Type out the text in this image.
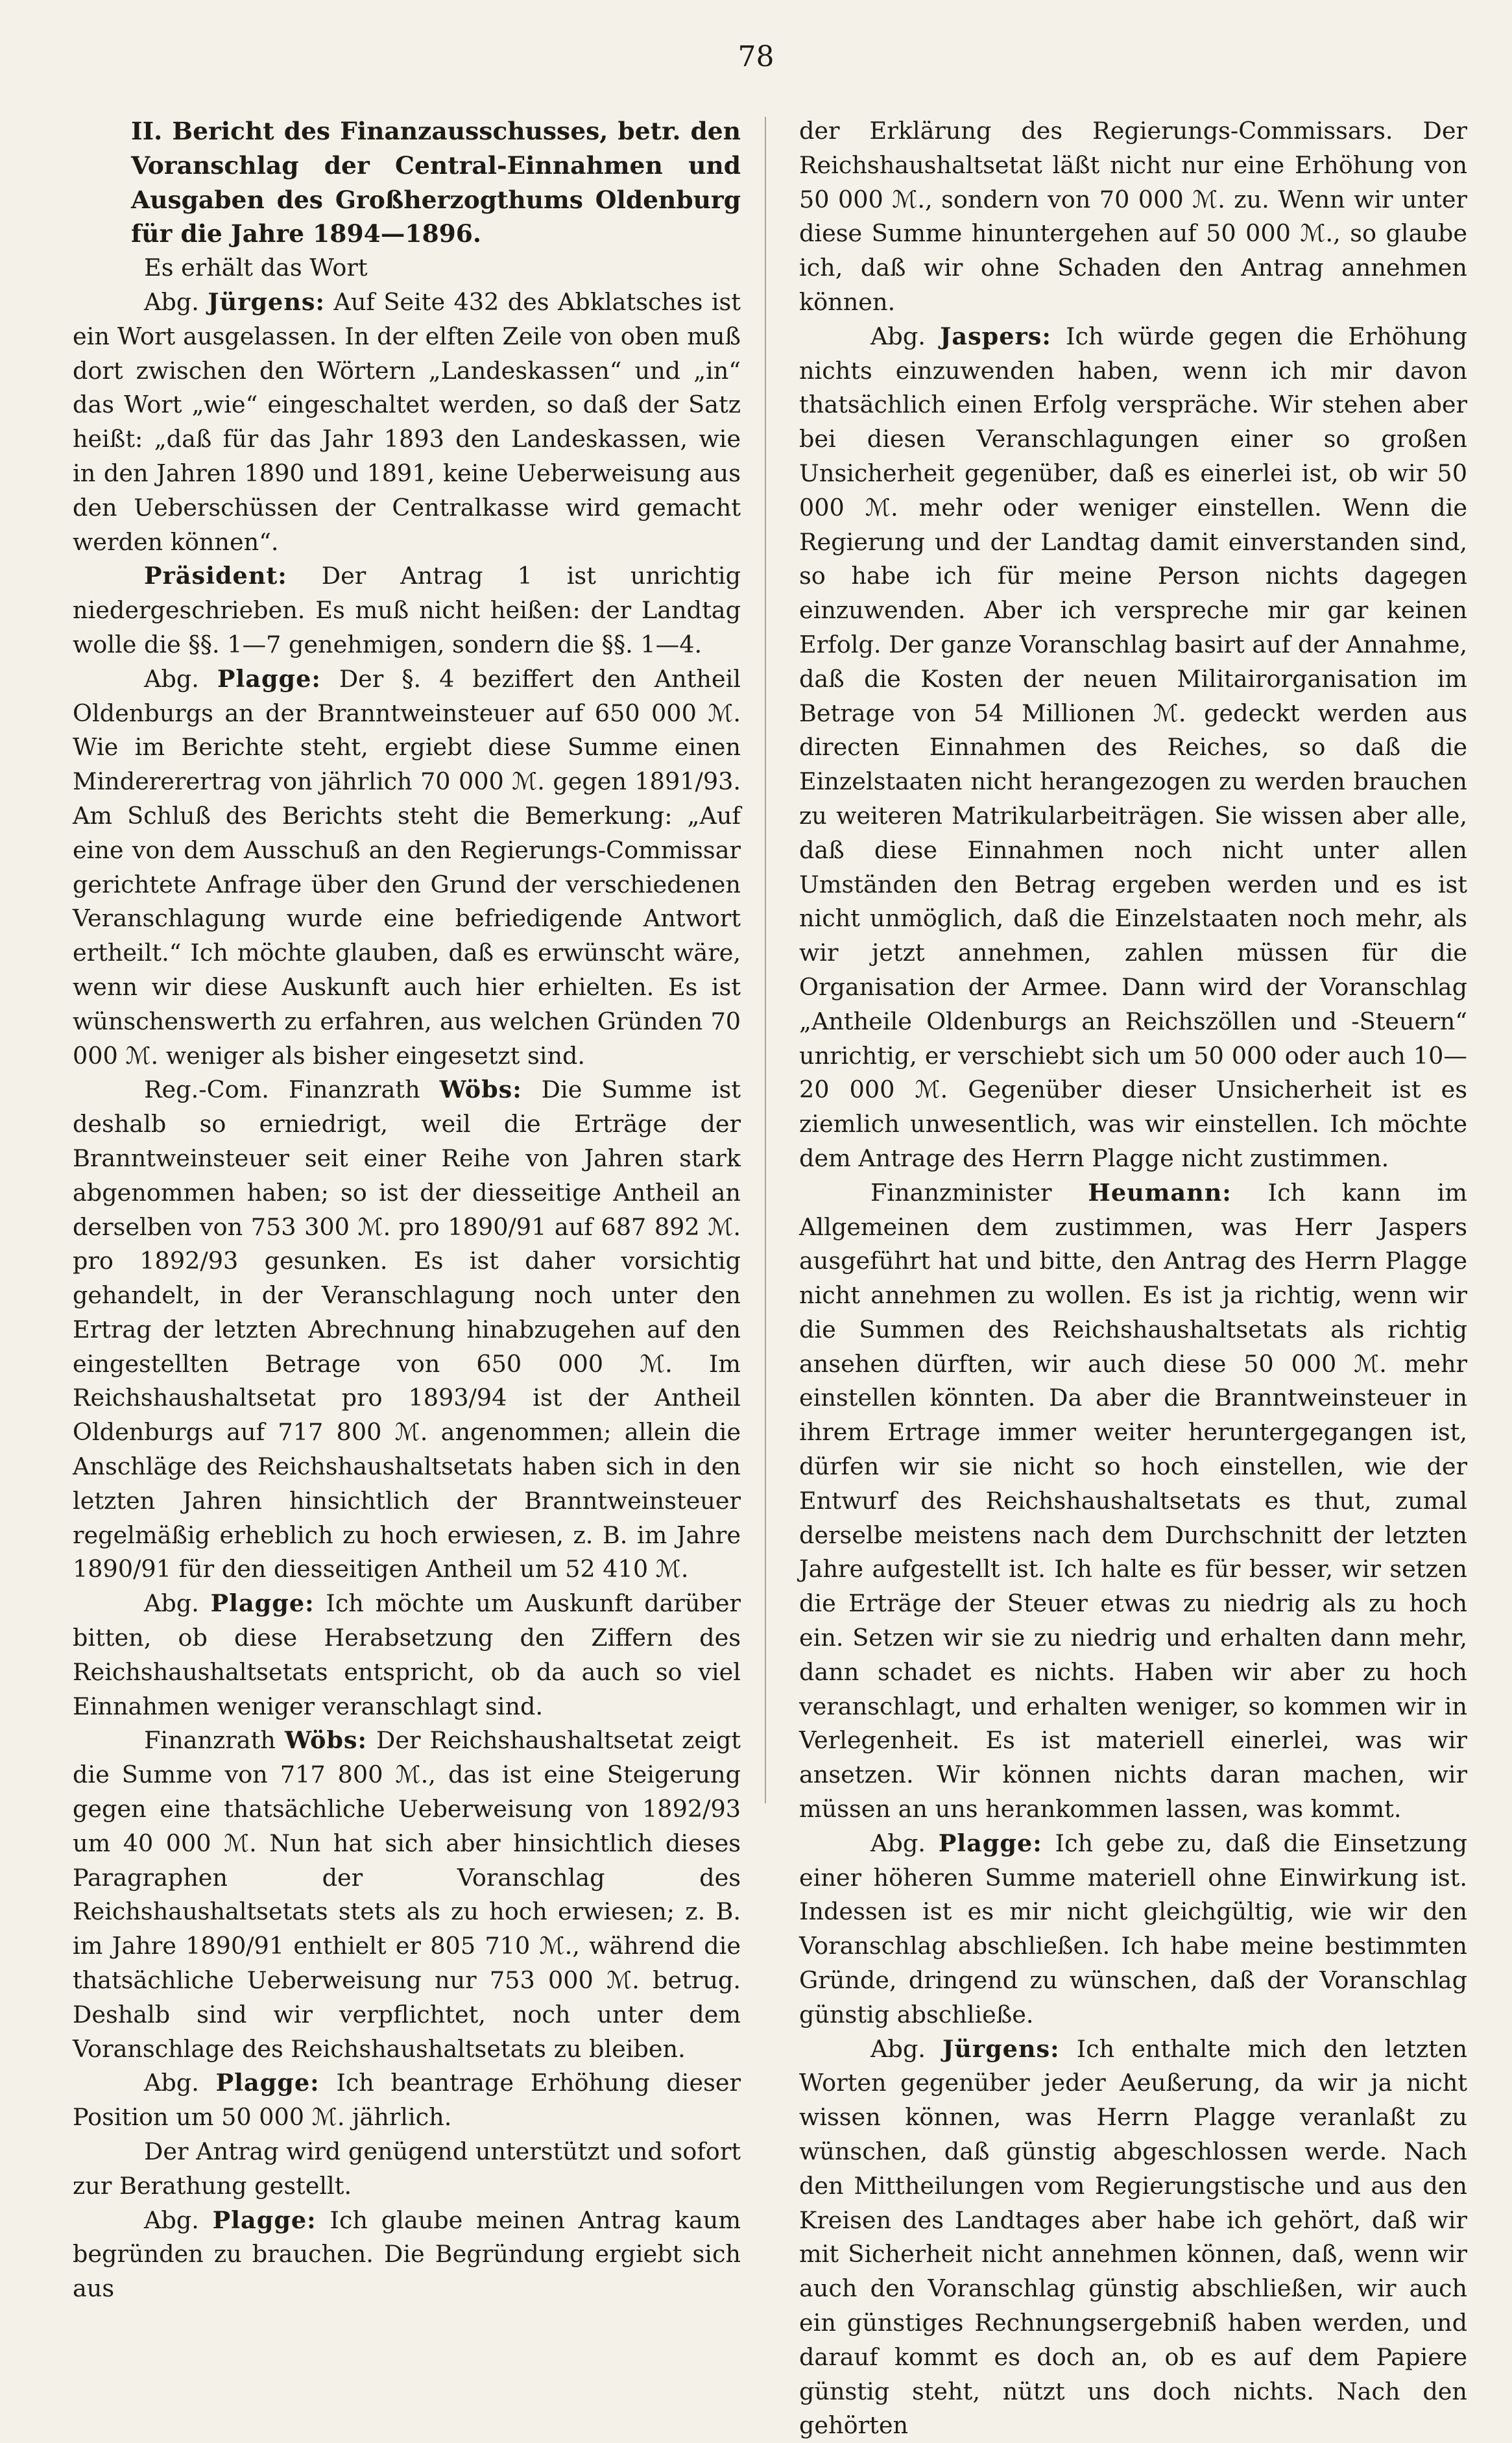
78

II. Bericht des Finanzausschusses, betr. den Voranschlag der Central-Einnahmen und Ausgaben des Großherzogthums Oldenburg für die Jahre 1894—1896.

Es erhält das Wort

Abg. Jürgens: Auf Seite 432 des Abklatsches ist ein Wort ausgelassen. In der elften Zeile von oben muß dort zwischen den Wörtern „Landeskassen“ und „in“ das Wort „wie“ eingeschaltet werden, so daß der Satz heißt: „daß für das Jahr 1893 den Landeskassen, wie in den Jahren 1890 und 1891, keine Ueberweisung aus den Ueberschüssen der Centralkasse wird gemacht werden können“.

Präsident: Der Antrag 1 ist unrichtig niedergeschrieben. Es muß nicht heißen: der Landtag wolle die §§. 1—7 genehmigen, sondern die §§. 1—4.

Abg. Plagge: Der §. 4 beziffert den Antheil Oldenburgs an der Branntweinsteuer auf 650 000 ℳ. Wie im Berichte steht, ergiebt diese Summe einen Mindererertrag von jährlich 70 000 ℳ. gegen 1891/93. Am Schluß des Berichts steht die Bemerkung: „Auf eine von dem Ausschuß an den Regierungs-Commissar gerichtete Anfrage über den Grund der verschiedenen Veranschlagung wurde eine befriedigende Antwort ertheilt.“ Ich möchte glauben, daß es erwünscht wäre, wenn wir diese Auskunft auch hier erhielten. Es ist wünschenswerth zu erfahren, aus welchen Gründen 70 000 ℳ. weniger als bisher eingesetzt sind.

Reg.-Com. Finanzrath Wöbs: Die Summe ist deshalb so erniedrigt, weil die Erträge der Branntweinsteuer seit einer Reihe von Jahren stark abgenommen haben; so ist der diesseitige Antheil an derselben von 753 300 ℳ. pro 1890/91 auf 687 892 ℳ. pro 1892/93 gesunken. Es ist daher vorsichtig gehandelt, in der Veranschlagung noch unter den Ertrag der letzten Abrechnung hinabzugehen auf den eingestellten Betrage von 650 000 ℳ. Im Reichshaushaltsetat pro 1893/94 ist der Antheil Oldenburgs auf 717 800 ℳ. angenommen; allein die Anschläge des Reichshaushaltsetats haben sich in den letzten Jahren hinsichtlich der Branntweinsteuer regelmäßig erheblich zu hoch erwiesen, z. B. im Jahre 1890/91 für den diesseitigen Antheil um 52 410 ℳ.

Abg. Plagge: Ich möchte um Auskunft darüber bitten, ob diese Herabsetzung den Ziffern des Reichshaushaltsetats entspricht, ob da auch so viel Einnahmen weniger veranschlagt sind.

Finanzrath Wöbs: Der Reichshaushaltsetat zeigt die Summe von 717 800 ℳ., das ist eine Steigerung gegen eine thatsächliche Ueberweisung von 1892/93 um 40 000 ℳ. Nun hat sich aber hinsichtlich dieses Paragraphen der Voranschlag des Reichshaushaltsetats stets als zu hoch erwiesen; z. B. im Jahre 1890/91 enthielt er 805 710 ℳ., während die thatsächliche Ueberweisung nur 753 000 ℳ. betrug. Deshalb sind wir verpflichtet, noch unter dem Voranschlage des Reichshaushaltsetats zu bleiben.

Abg. Plagge: Ich beantrage Erhöhung dieser Position um 50 000 ℳ. jährlich.

Der Antrag wird genügend unterstützt und sofort zur Berathung gestellt.

Abg. Plagge: Ich glaube meinen Antrag kaum begründen zu brauchen. Die Begründung ergiebt sich aus

der Erklärung des Regierungs-Commissars. Der Reichshaushaltsetat läßt nicht nur eine Erhöhung von 50 000 ℳ., sondern von 70 000 ℳ. zu. Wenn wir unter diese Summe hinuntergehen auf 50 000 ℳ., so glaube ich, daß wir ohne Schaden den Antrag annehmen können.

Abg. Jaspers: Ich würde gegen die Erhöhung nichts einzuwenden haben, wenn ich mir davon thatsächlich einen Erfolg verspräche. Wir stehen aber bei diesen Veranschlagungen einer so großen Unsicherheit gegenüber, daß es einerlei ist, ob wir 50 000 ℳ. mehr oder weniger einstellen. Wenn die Regierung und der Landtag damit einverstanden sind, so habe ich für meine Person nichts dagegen einzuwenden. Aber ich verspreche mir gar keinen Erfolg. Der ganze Voranschlag basirt auf der Annahme, daß die Kosten der neuen Militairorganisation im Betrage von 54 Millionen ℳ. gedeckt werden aus directen Einnahmen des Reiches, so daß die Einzelstaaten nicht herangezogen zu werden brauchen zu weiteren Matrikularbeiträgen. Sie wissen aber alle, daß diese Einnahmen noch nicht unter allen Umständen den Betrag ergeben werden und es ist nicht unmöglich, daß die Einzelstaaten noch mehr, als wir jetzt annehmen, zahlen müssen für die Organisation der Armee. Dann wird der Voranschlag „Antheile Oldenburgs an Reichszöllen und -Steuern“ unrichtig, er verschiebt sich um 50 000 oder auch 10—20 000 ℳ. Gegenüber dieser Unsicherheit ist es ziemlich unwesentlich, was wir einstellen. Ich möchte dem Antrage des Herrn Plagge nicht zustimmen.

Finanzminister Heumann: Ich kann im Allgemeinen dem zustimmen, was Herr Jaspers ausgeführt hat und bitte, den Antrag des Herrn Plagge nicht annehmen zu wollen. Es ist ja richtig, wenn wir die Summen des Reichshaushaltsetats als richtig ansehen dürften, wir auch diese 50 000 ℳ. mehr einstellen könnten. Da aber die Branntweinsteuer in ihrem Ertrage immer weiter heruntergegangen ist, dürfen wir sie nicht so hoch einstellen, wie der Entwurf des Reichshaushaltsetats es thut, zumal derselbe meistens nach dem Durchschnitt der letzten Jahre aufgestellt ist. Ich halte es für besser, wir setzen die Erträge der Steuer etwas zu niedrig als zu hoch ein. Setzen wir sie zu niedrig und erhalten dann mehr, dann schadet es nichts. Haben wir aber zu hoch veranschlagt, und erhalten weniger, so kommen wir in Verlegenheit. Es ist materiell einerlei, was wir ansetzen. Wir können nichts daran machen, wir müssen an uns herankommen lassen, was kommt.

Abg. Plagge: Ich gebe zu, daß die Einsetzung einer höheren Summe materiell ohne Einwirkung ist. Indessen ist es mir nicht gleichgültig, wie wir den Voranschlag abschließen. Ich habe meine bestimmten Gründe, dringend zu wünschen, daß der Voranschlag günstig abschließe.

Abg. Jürgens: Ich enthalte mich den letzten Worten gegenüber jeder Aeußerung, da wir ja nicht wissen können, was Herrn Plagge veranlaßt zu wünschen, daß günstig abgeschlossen werde. Nach den Mittheilungen vom Regierungstische und aus den Kreisen des Landtages aber habe ich gehört, daß wir mit Sicherheit nicht annehmen können, daß, wenn wir auch den Voranschlag günstig abschließen, wir auch ein günstiges Rechnungsergebniß haben werden, und darauf kommt es doch an, ob es auf dem Papiere günstig steht, nützt uns doch nichts. Nach den gehörten
